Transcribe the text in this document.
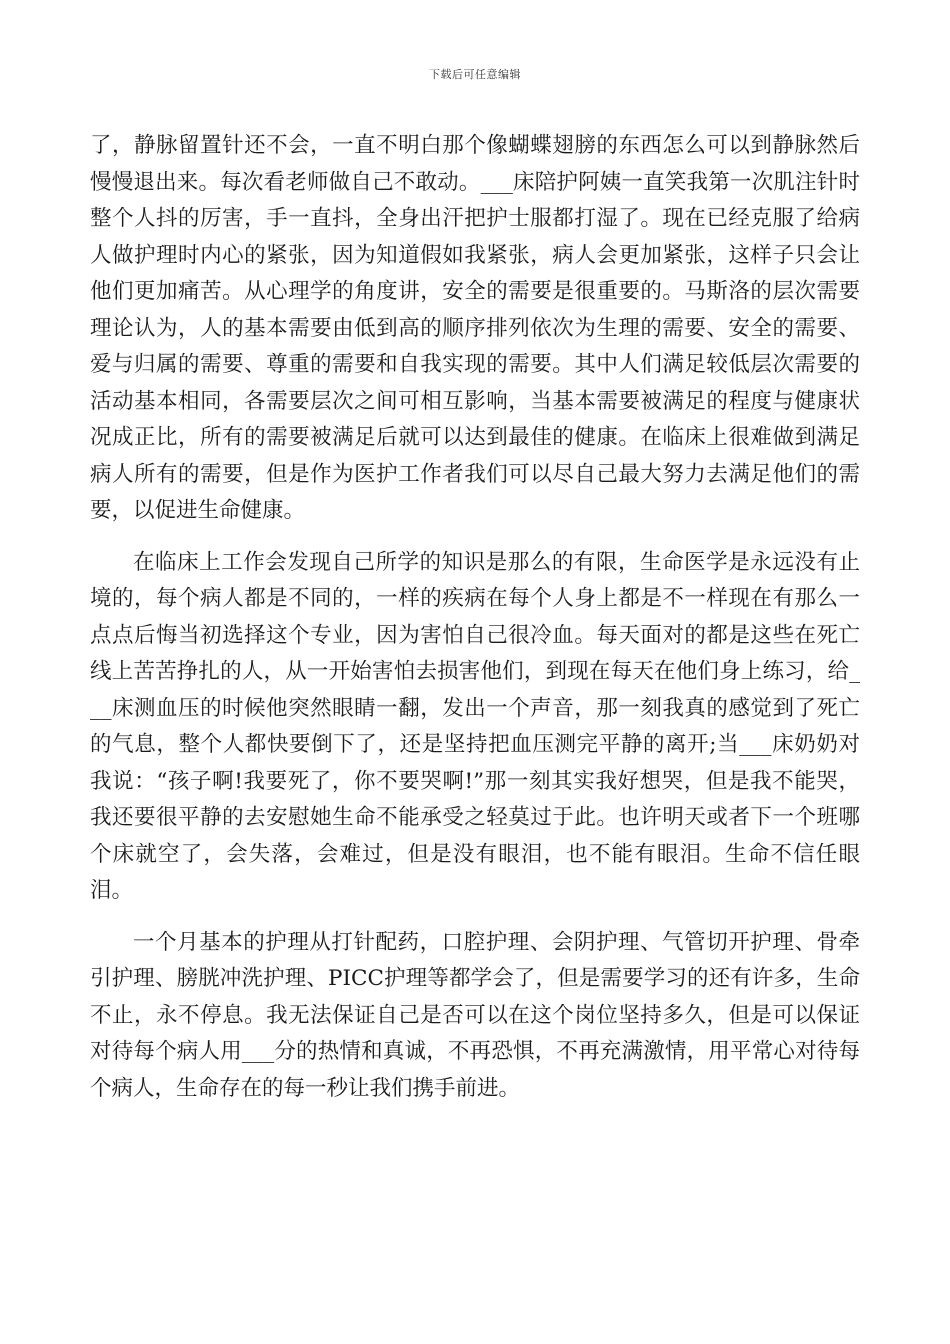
下载后可任意编辑

了，静脉留置针还不会，一直不明白那个像蝴蝶翅膀的东西怎么可以到静脉然后慢慢退出来。每次看老师做自己不敢动。___床陪护阿姨一直笑我第一次肌注针时整个人抖的厉害，手一直抖，全身出汗把护士服都打湿了。现在已经克服了给病人做护理时内心的紧张，因为知道假如我紧张，病人会更加紧张，这样子只会让他们更加痛苦。从心理学的角度讲，安全的需要是很重要的。马斯洛的层次需要理论认为，人的基本需要由低到高的顺序排列依次为生理的需要、安全的需要、爱与归属的需要、尊重的需要和自我实现的需要。其中人们满足较低层次需要的活动基本相同，各需要层次之间可相互影响，当基本需要被满足的程度与健康状况成正比，所有的需要被满足后就可以达到最佳的健康。在临床上很难做到满足病人所有的需要，但是作为医护工作者我们可以尽自己最大努力去满足他们的需要，以促进生命健康。

在临床上工作会发现自己所学的知识是那么的有限，生命医学是永远没有止境的，每个病人都是不同的，一样的疾病在每个人身上都是不一样现在有那么一点点后悔当初选择这个专业，因为害怕自己很冷血。每天面对的都是这些在死亡线上苦苦挣扎的人，从一开始害怕去损害他们，到现在每天在他们身上练习，给___床测血压的时候他突然眼睛一翻，发出一个声音，那一刻我真的感觉到了死亡的气息，整个人都快要倒下了，还是坚持把血压测完平静的离开;当___床奶奶对我说：“孩子啊!我要死了，你不要哭啊!”那一刻其实我好想哭，但是我不能哭，我还要很平静的去安慰她生命不能承受之轻莫过于此。也许明天或者下一个班哪个床就空了，会失落，会难过，但是没有眼泪，也不能有眼泪。生命不信任眼泪。

一个月基本的护理从打针配药，口腔护理、会阴护理、气管切开护理、骨牵引护理、膀胱冲洗护理、PICC护理等都学会了，但是需要学习的还有许多，生命不止，永不停息。我无法保证自己是否可以在这个岗位坚持多久，但是可以保证对待每个病人用___分的热情和真诚，不再恐惧，不再充满激情，用平常心对待每个病人，生命存在的每一秒让我们携手前进。
